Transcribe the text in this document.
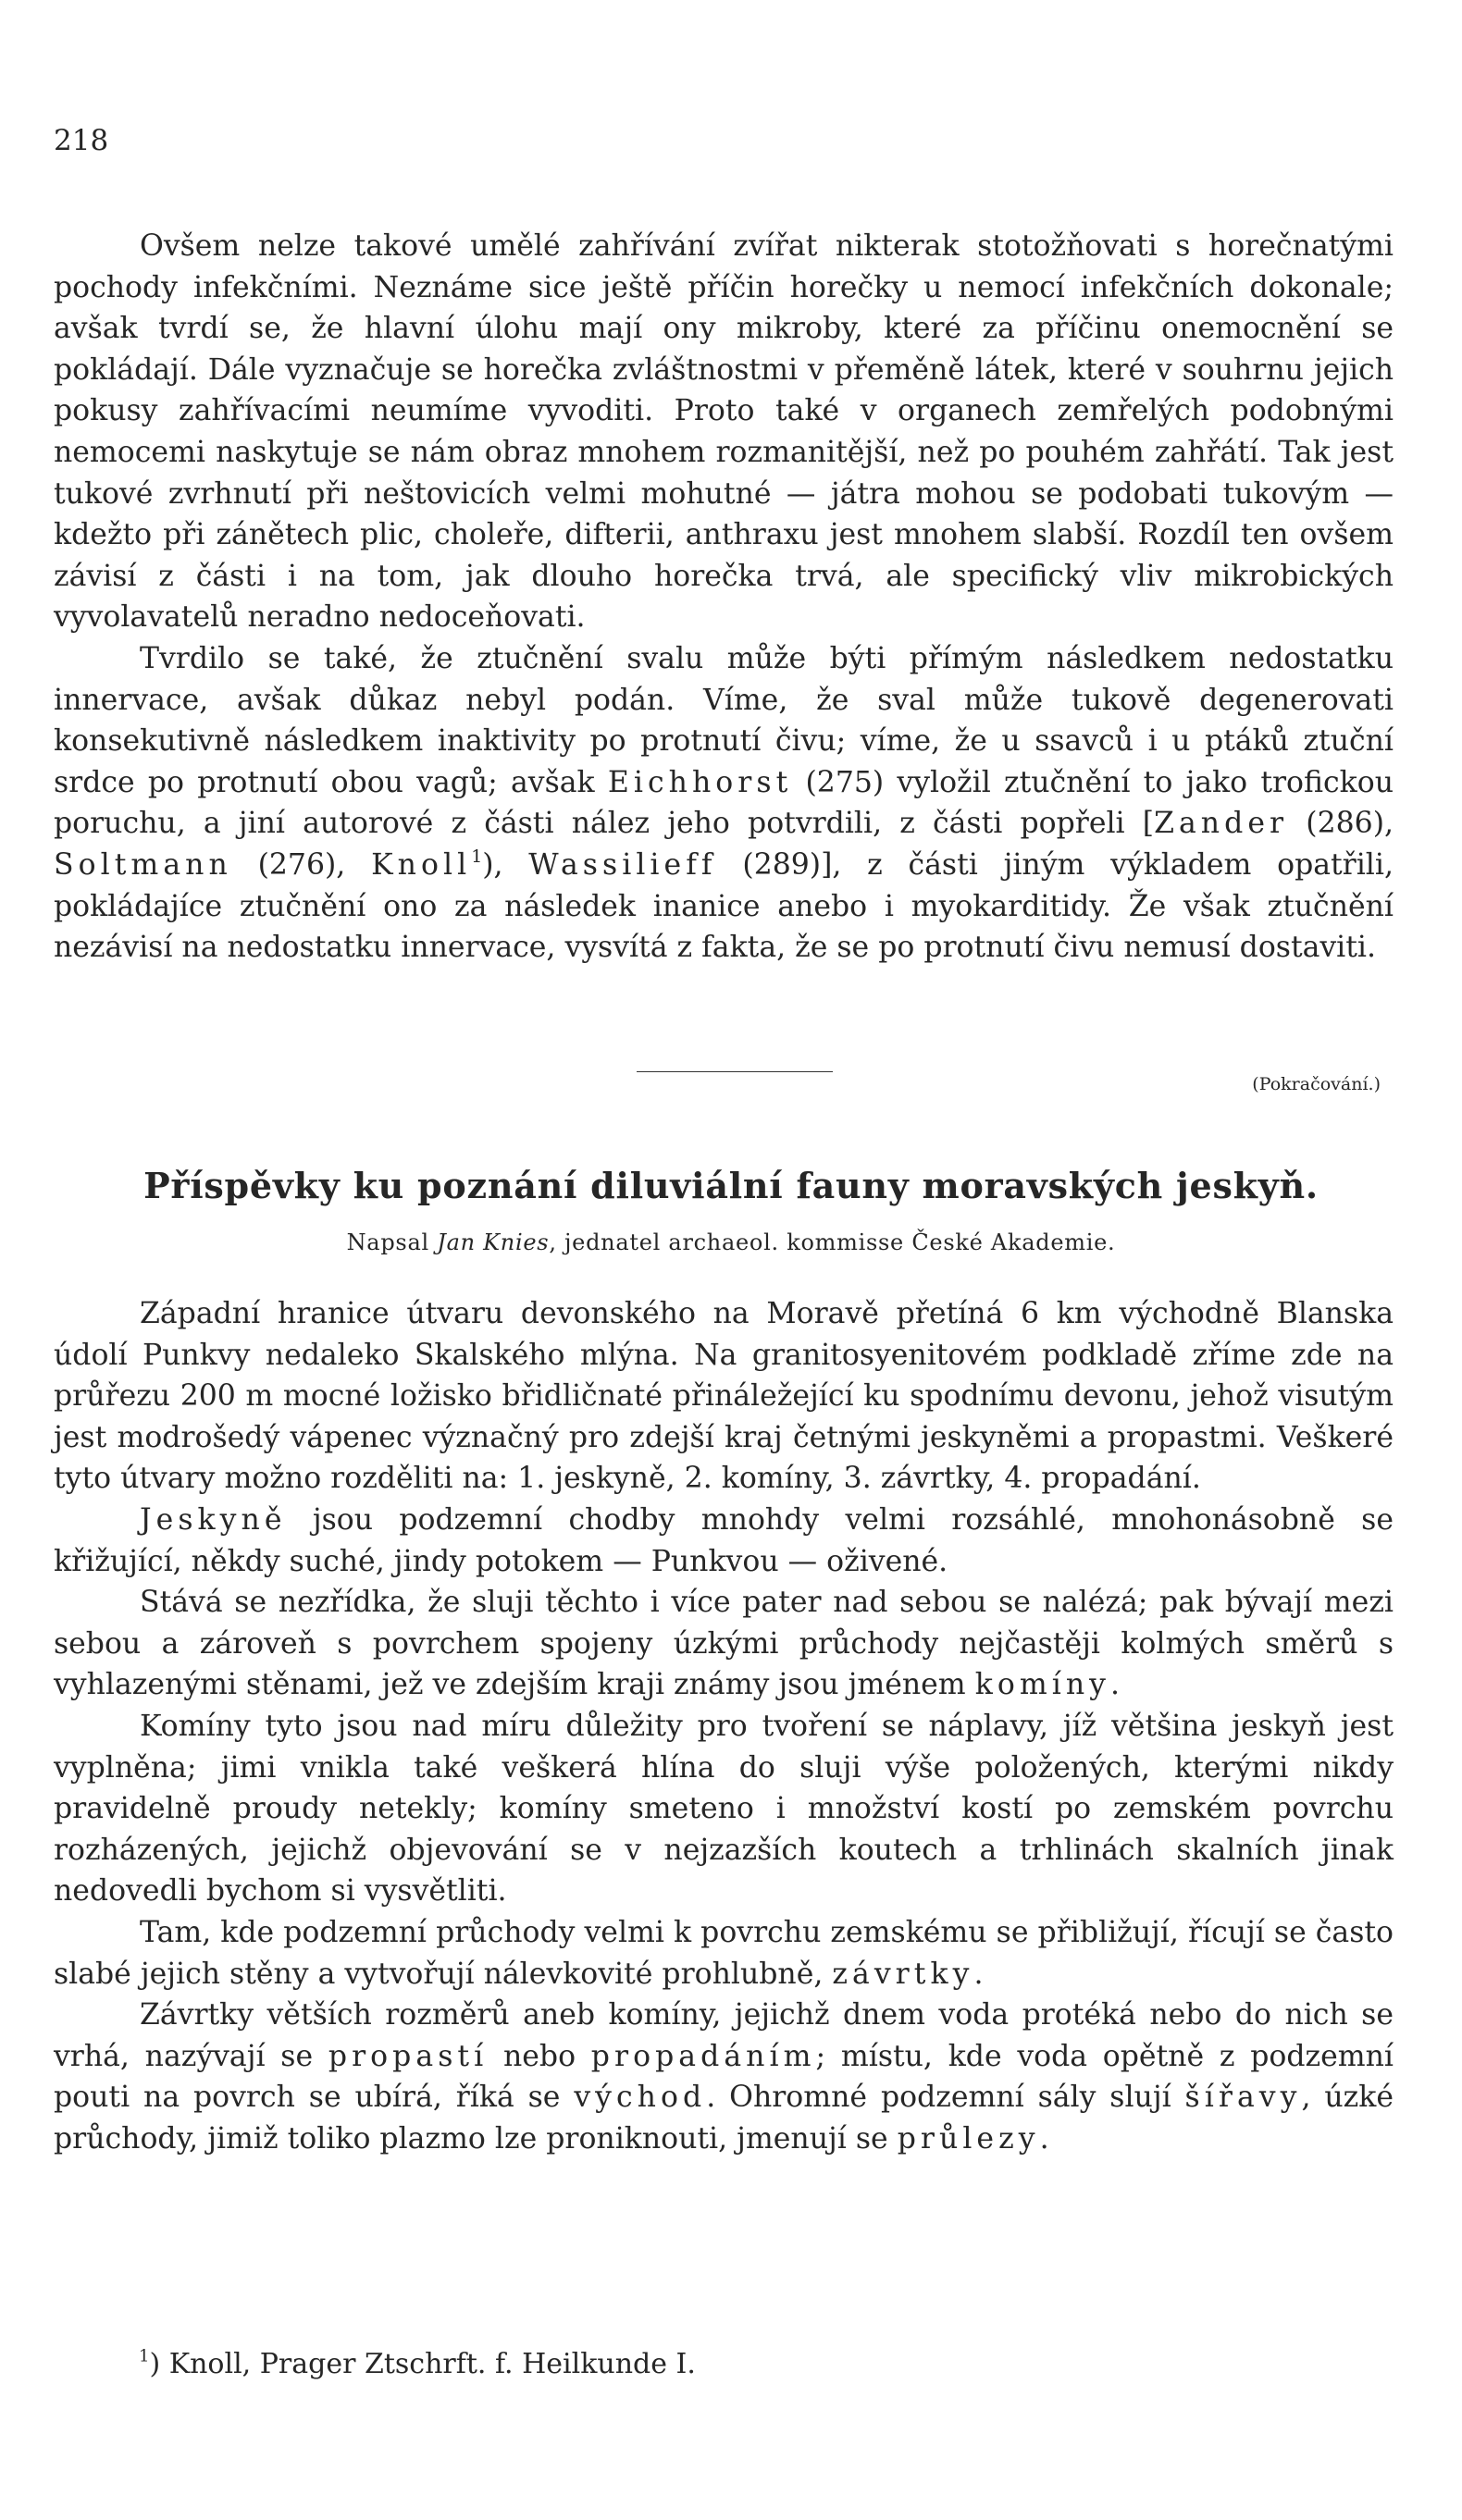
218

Ovšem nelze takové umělé zahřívání zvířat nikterak stotožňovati s horečnatými pochody infekčními. Neznáme sice ještě příčin horečky u nemocí infekčních dokonale; avšak tvrdí se, že hlavní úlohu mají ony mikroby, které za příčinu onemocnění se pokládají. Dále vyznačuje se horečka zvláštnostmi v přeměně látek, které v souhrnu jejich pokusy zahřívacími neumíme vyvoditi. Proto také v organech zemřelých podobnými nemocemi naskytuje se nám obraz mnohem rozmanitější, než po pouhém zahřátí. Tak jest tukové zvrhnutí při neštovicích velmi mohutné — játra mohou se podobati tukovým — kdežto při zánětech plic, choleře, difterii, anthraxu jest mnohem slabší. Rozdíl ten ovšem závisí z části i na tom, jak dlouho horečka trvá, ale specifický vliv mikrobických vyvolavatelů neradno nedoceňovati.

Tvrdilo se také, že ztučnění svalu může býti přímým následkem nedostatku innervace, avšak důkaz nebyl podán. Víme, že sval může tukově degenerovati konsekutivně následkem inaktivity po protnutí čivu; víme, že u ssavců i u ptáků ztuční srdce po protnutí obou vagů; avšak Eichhorst (275) vyložil ztučnění to jako trofickou poruchu, a jiní autorové z části nález jeho potvrdili, z části popřeli [Zander (286), Soltmann (276), Knoll$^1$), Wassilieff (289)], z části jiným výkladem opatřili, pokládajíce ztučnění ono za následek inanice anebo i myokarditidy. Že však ztučnění nezávisí na nedostatku innervace, vysvítá z fakta, že se po protnutí čivu nemusí dostaviti.

(Pokračování.)
Příspěvky ku poznání diluviální fauny moravských jeskyň.
Napsal Jan Knies, jednatel archaeol. kommisse České Akademie.

Západní hranice útvaru devonského na Moravě přetíná 6 km východně Blanska údolí Punkvy nedaleko Skalského mlýna. Na granitosyenitovém podkladě zříme zde na průřezu 200 m mocné ložisko břidličnaté přináležející ku spodnímu devonu, jehož visutým jest modrošedý vápenec význačný pro zdejší kraj četnými jeskyněmi a propastmi. Veškeré tyto útvary možno rozděliti na: 1. jeskyně, 2. komíny, 3. závrtky, 4. propadání.

Jeskyně jsou podzemní chodby mnohdy velmi rozsáhlé, mnohonásobně se křižující, někdy suché, jindy potokem — Punkvou — oživené.

Stává se nezřídka, že sluji těchto i více pater nad sebou se nalézá; pak bývají mezi sebou a zároveň s povrchem spojeny úzkými průchody nejčastěji kolmých směrů s vyhlazenými stěnami, jež ve zdejším kraji známy jsou jménem komíny.

Komíny tyto jsou nad míru důležity pro tvoření se náplavy, jíž většina jeskyň jest vyplněna; jimi vnikla také veškerá hlína do sluji výše položených, kterými nikdy pravidelně proudy netekly; komíny smeteno i množství kostí po zemském povrchu rozházených, jejichž objevování se v nejzazších koutech a trhlinách skalních jinak nedovedli bychom si vysvětliti.

Tam, kde podzemní průchody velmi k povrchu zemskému se přibližují, řícují se často slabé jejich stěny a vytvořují nálevkovité prohlubně, závrtky.

Závrtky větších rozměrů aneb komíny, jejichž dnem voda protéká nebo do nich se vrhá, nazývají se propastí nebo propadáním; místu, kde voda opětně z podzemní pouti na povrch se ubírá, říká se východ. Ohromné podzemní sály slují šířavy, úzké průchody, jimiž toliko plazmo lze proniknouti, jmenují se průlezy.

$^1$) Knoll, Prager Ztschrft. f. Heilkunde I.
